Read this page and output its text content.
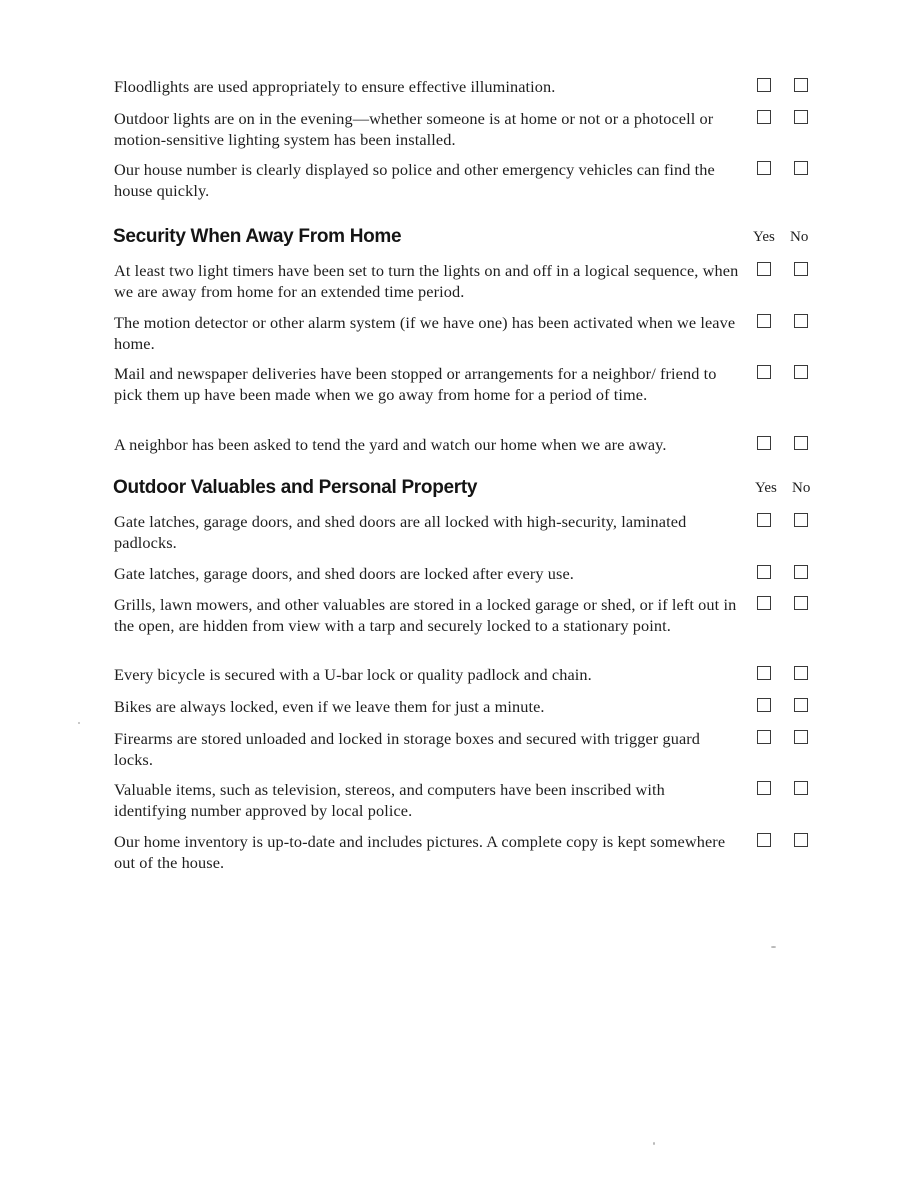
Floodlights are used appropriately to ensure effective illumination.
Outdoor lights are on in the evening—whether someone is at home or not or a photocell or motion-sensitive lighting system has been installed.
Our house number is clearly displayed so police and other emergency vehicles can find the house quickly.
Security When Away From Home	Yes No
At least two light timers have been set to turn the lights on and off in a logical sequence, when we are away from home for an extended time period.
The motion detector or other alarm system (if we have one) has been activated when we leave home.
Mail and newspaper deliveries have been stopped or arrangements for a neighbor/ friend to pick them up have been made when we go away from home for a period of time.
A neighbor has been asked to tend the yard and watch our home when we are away.
Outdoor Valuables and Personal Property	Yes No
Gate latches, garage doors, and shed doors are all locked with high-security, laminated padlocks.
Gate latches, garage doors, and shed doors are locked after every use.
Grills, lawn mowers, and other valuables are stored in a locked garage or shed, or if left out in the open, are hidden from view with a tarp and securely locked to a stationary point.
Every bicycle is secured with a U-bar lock or quality padlock and chain.
Bikes are always locked, even if we leave them for just a minute.
Firearms are stored unloaded and locked in storage boxes and secured with trigger guard locks.
Valuable items, such as television, stereos, and computers have been inscribed with identifying number approved by local police.
Our home inventory is up-to-date and includes pictures. A complete copy is kept somewhere out of the house.
